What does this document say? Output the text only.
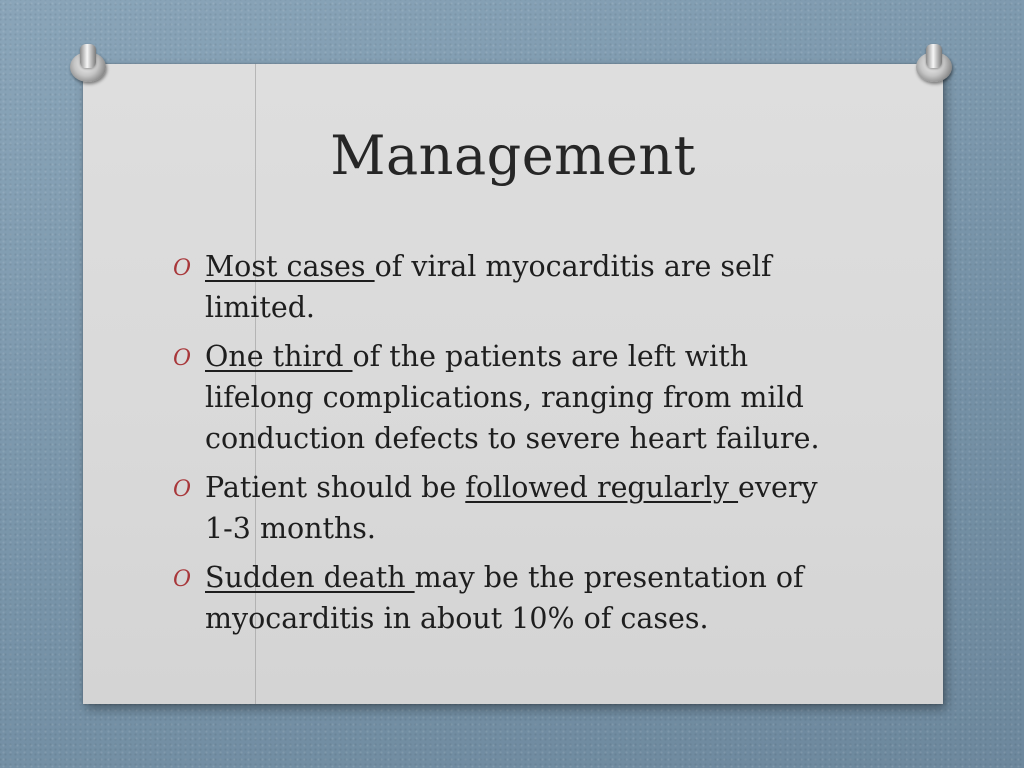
Management
O Most cases of viral myocarditis are self limited.
O One third of the patients are left with lifelong complications, ranging from mild conduction defects to severe heart failure.
O Patient should be followed regularly every 1-3 months.
O Sudden death may be the presentation of myocarditis in about 10% of cases.
